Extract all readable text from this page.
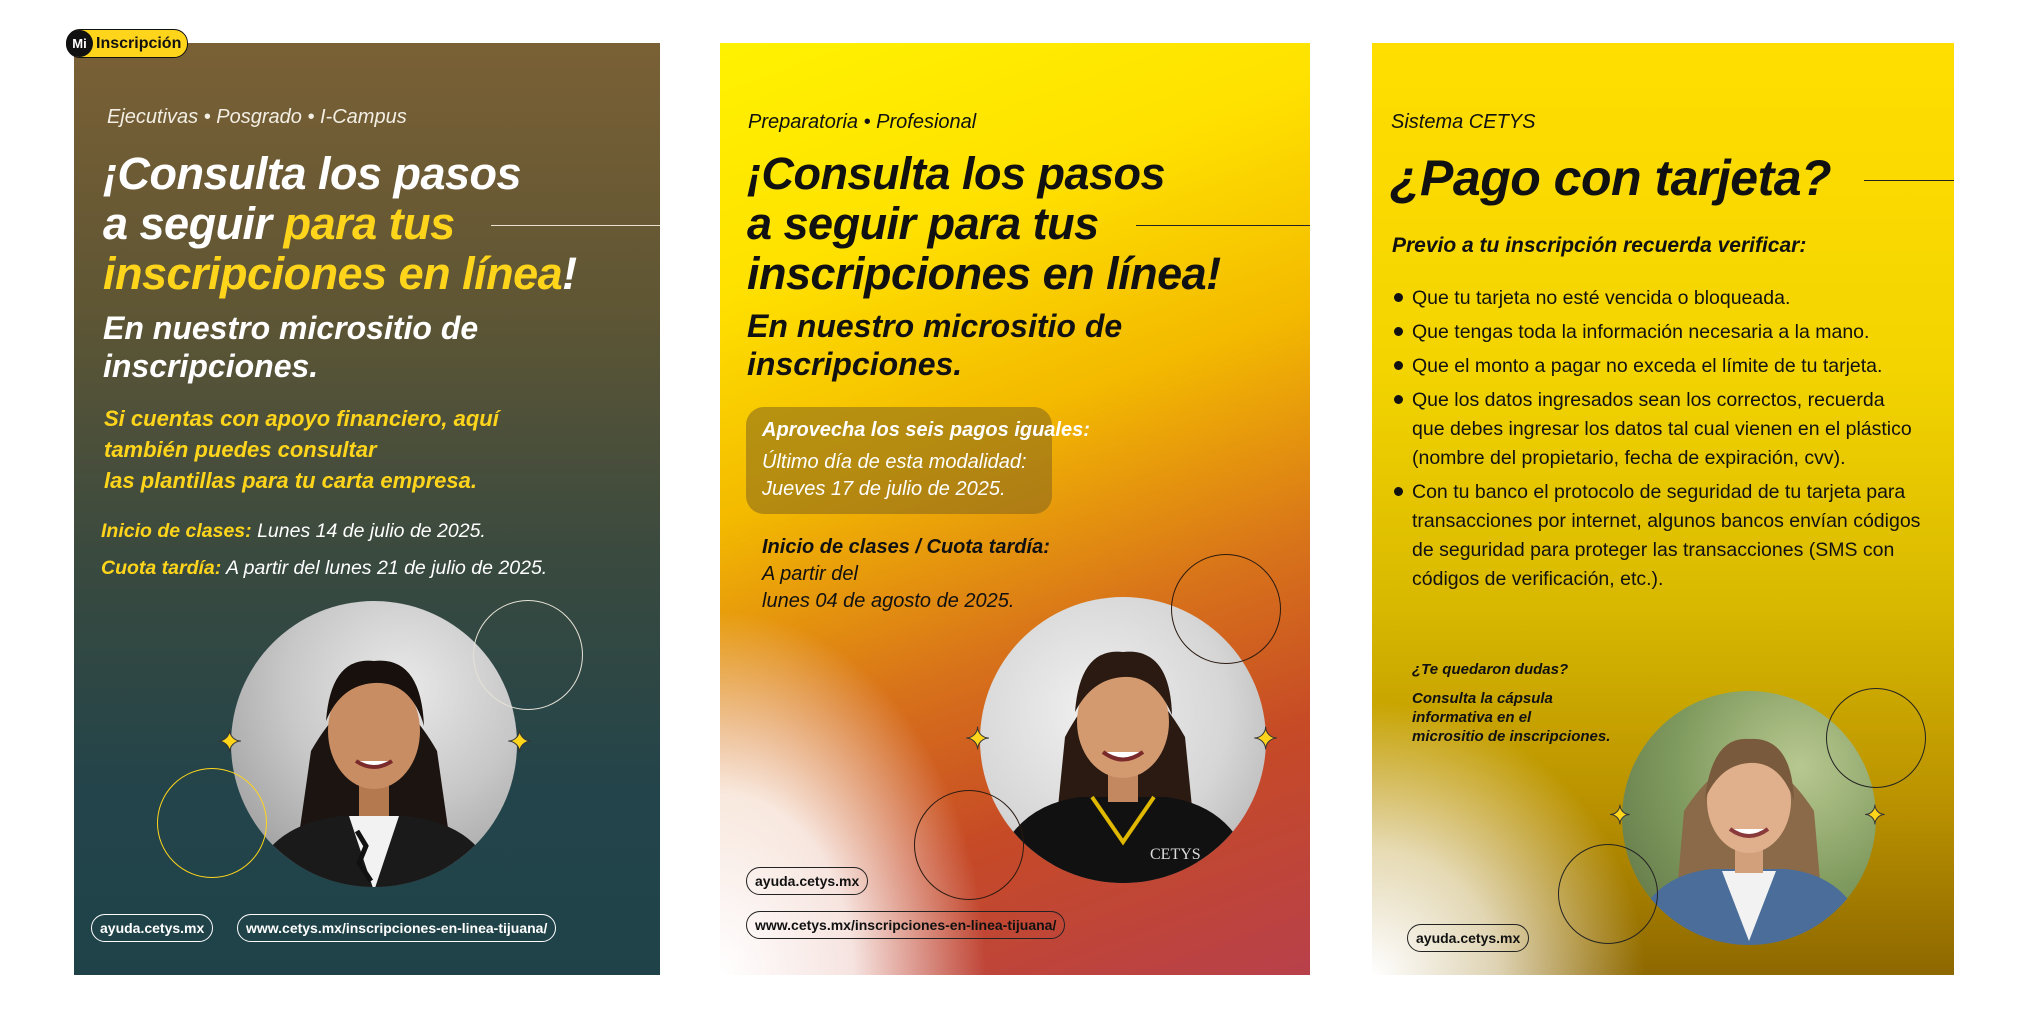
Mi Inscripción
Ejecutivas • Posgrado • I-Campus
¡Consulta los pasos
a seguir para tus
inscripciones en línea!
En nuestro micrositio de
inscripciones.
Si cuentas con apoyo financiero, aquí
también puedes consultar
las plantillas para tu carta empresa.
Inicio de clases: Lunes 14 de julio de 2025.
Cuota tardía: A partir del lunes 21 de julio de 2025.
✦	✦
ayuda.cetys.mx	www.cetys.mx/inscripciones-en-linea-tijuana/
Preparatoria • Profesional
¡Consulta los pasos
a seguir para tus
inscripciones en línea!
En nuestro micrositio de
inscripciones.
Aprovecha los seis pagos iguales:
Último día de esta modalidad:
Jueves 17 de julio de 2025.
Inicio de clases / Cuota tardía:
A partir del
lunes 04 de agosto de 2025.
CETYS
✦	✦
ayuda.cetys.mx
www.cetys.mx/inscripciones-en-linea-tijuana/
Sistema CETYS
¿Pago con tarjeta?
Previo a tu inscripción recuerda verificar:
Que tu tarjeta no esté vencida o bloqueada.
Que tengas toda la información necesaria a la mano.
Que el monto a pagar no exceda el límite de tu tarjeta.
Que los datos ingresados sean los correctos, recuerda que debes ingresar los datos tal cual vienen en el plástico (nombre del propietario, fecha de expiración, cvv).
Con tu banco el protocolo de seguridad de tu tarjeta para transacciones por internet, algunos bancos envían códigos de seguridad para proteger las transacciones (SMS con códigos de verificación, etc.).
¿Te quedaron dudas?
Consulta la cápsula
informativa en el
micrositio de inscripciones.
✦	✦
ayuda.cetys.mx
